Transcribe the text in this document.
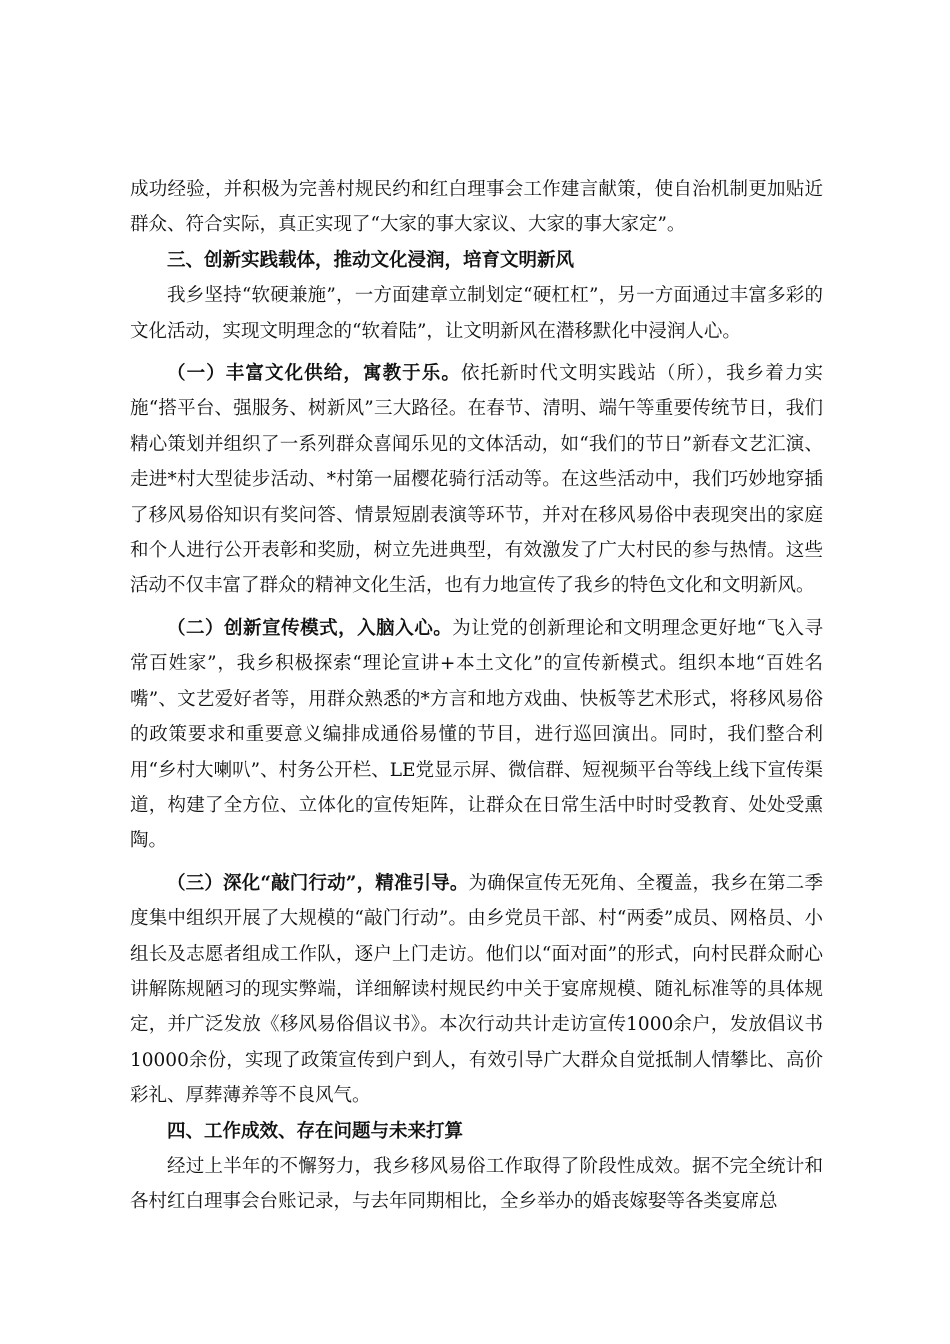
成功经验，并积极为完善村规民约和红白理事会工作建言献策，使自治机制更加贴近群众、符合实际，真正实现了“大家的事大家议、大家的事大家定”。

三、创新实践载体，推动文化浸润，培育文明新风

我乡坚持“软硬兼施”，一方面建章立制划定“硬杠杠”，另一方面通过丰富多彩的文化活动，实现文明理念的“软着陆”，让文明新风在潜移默化中浸润人心。

（一）丰富文化供给，寓教于乐。依托新时代文明实践站（所），我乡着力实施“搭平台、强服务、树新风”三大路径。在春节、清明、端午等重要传统节日，我们精心策划并组织了一系列群众喜闻乐见的文体活动，如“我们的节日”新春文艺汇演、走进*村大型徒步活动、*村第一届樱花骑行活动等。在这些活动中，我们巧妙地穿插了移风易俗知识有奖问答、情景短剧表演等环节，并对在移风易俗中表现突出的家庭和个人进行公开表彰和奖励，树立先进典型，有效激发了广大村民的参与热情。这些活动不仅丰富了群众的精神文化生活，也有力地宣传了我乡的特色文化和文明新风。

（二）创新宣传模式，入脑入心。为让党的创新理论和文明理念更好地“飞入寻常百姓家”，我乡积极探索“理论宣讲+本土文化”的宣传新模式。组织本地“百姓名嘴”、文艺爱好者等，用群众熟悉的*方言和地方戏曲、快板等艺术形式，将移风易俗的政策要求和重要意义编排成通俗易懂的节目，进行巡回演出。同时，我们整合利用“乡村大喇叭”、村务公开栏、LE党显示屏、微信群、短视频平台等线上线下宣传渠道，构建了全方位、立体化的宣传矩阵，让群众在日常生活中时时受教育、处处受熏陶。

（三）深化“敲门行动”，精准引导。为确保宣传无死角、全覆盖，我乡在第二季度集中组织开展了大规模的“敲门行动”。由乡党员干部、村“两委”成员、网格员、小组长及志愿者组成工作队，逐户上门走访。他们以“面对面”的形式，向村民群众耐心讲解陈规陋习的现实弊端，详细解读村规民约中关于宴席规模、随礼标准等的具体规定，并广泛发放《移风易俗倡议书》。本次行动共计走访宣传1000余户，发放倡议书10000余份，实现了政策宣传到户到人，有效引导广大群众自觉抵制人情攀比、高价彩礼、厚葬薄养等不良风气。

四、工作成效、存在问题与未来打算

经过上半年的不懈努力，我乡移风易俗工作取得了阶段性成效。据不完全统计和各村红白理事会台账记录，与去年同期相比，全乡举办的婚丧嫁娶等各类宴席总
